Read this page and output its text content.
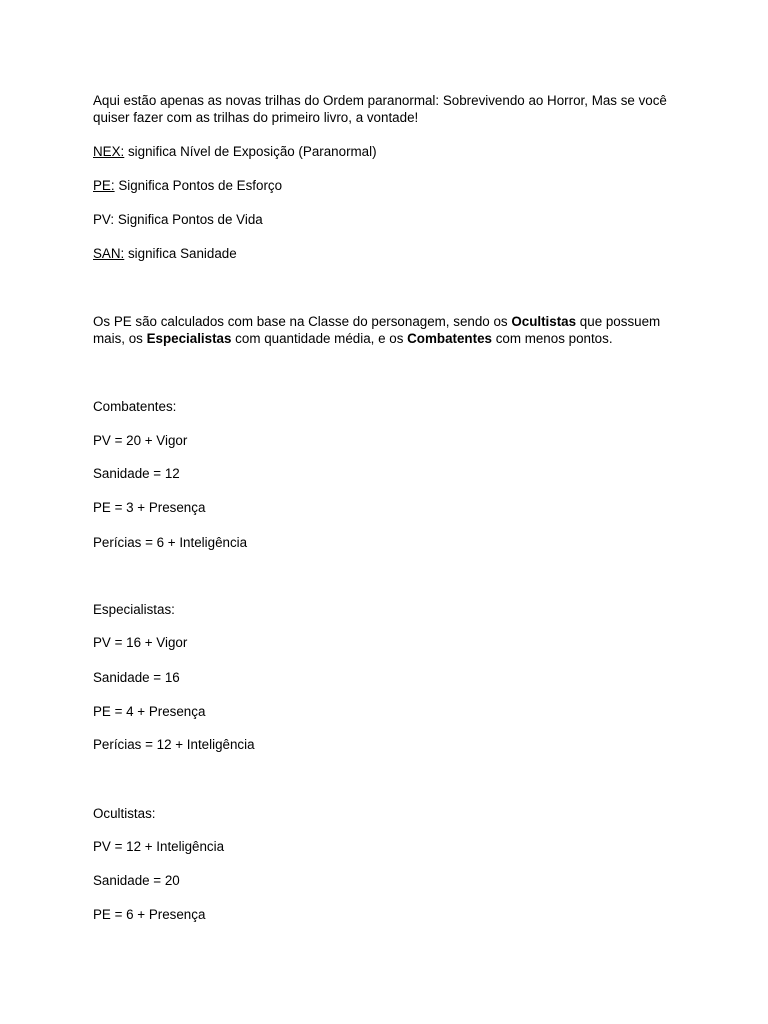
Aqui estão apenas as novas trilhas do Ordem paranormal: Sobrevivendo ao Horror, Mas se você
quiser fazer com as trilhas do primeiro livro, a vontade!

NEX: significa Nível de Exposição (Paranormal)

PE: Significa Pontos de Esforço

PV: Significa Pontos de Vida

SAN: significa Sanidade

Os PE são calculados com base na Classe do personagem, sendo os Ocultistas que possuem
mais, os Especialistas com quantidade média, e os Combatentes com menos pontos.

Combatentes:

PV = 20 + Vigor

Sanidade = 12

PE = 3 + Presença

Perícias = 6 + Inteligência

Especialistas:

PV = 16 + Vigor

Sanidade = 16

PE = 4 + Presença

Perícias = 12 + Inteligência

Ocultistas:

PV = 12 + Inteligência

Sanidade = 20

PE = 6 + Presença
